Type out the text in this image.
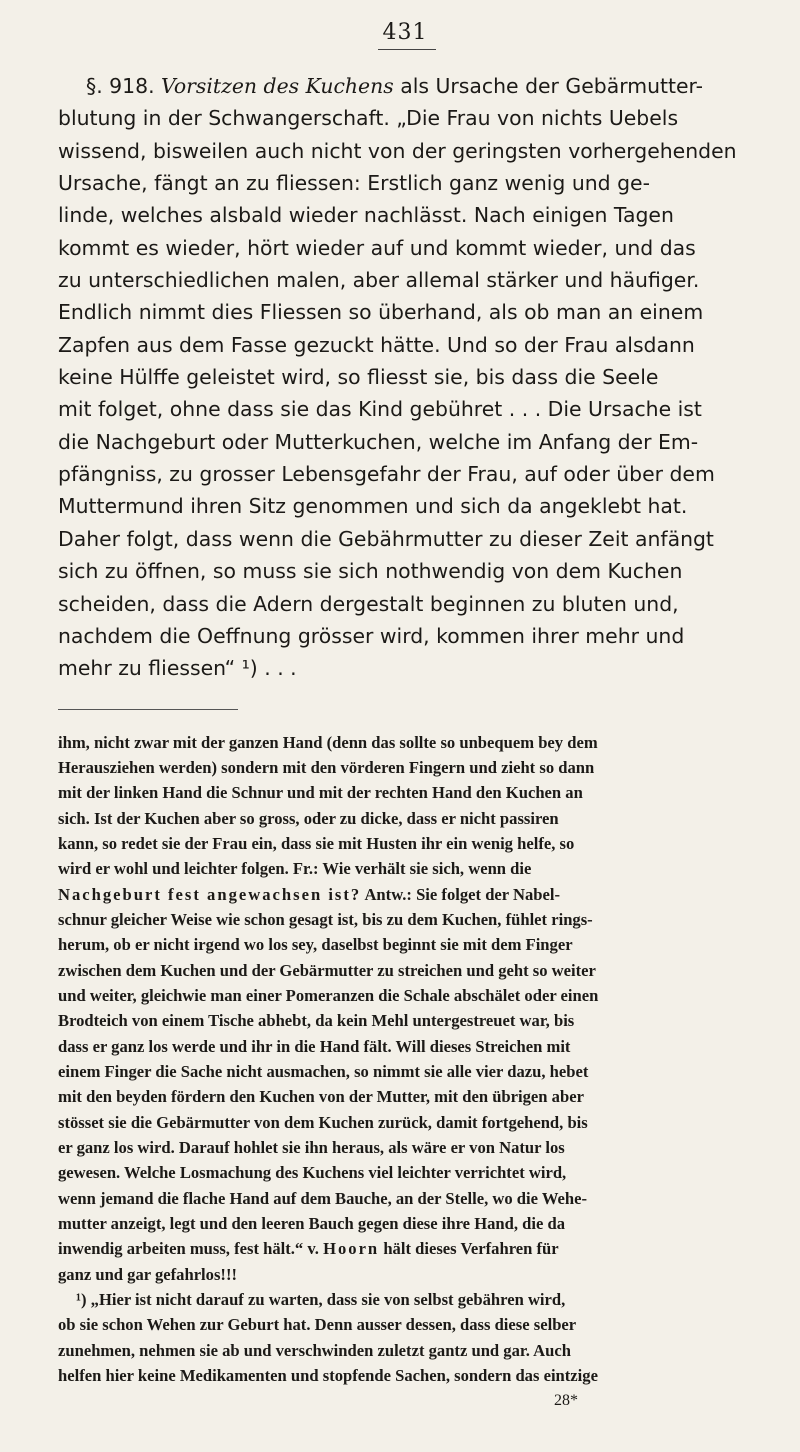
431
§. 918. Vorsitzen des Kuchens als Ursache der Gebärmutter-
blutung in der Schwangerschaft. „Die Frau von nichts Uebels
wissend, bisweilen auch nicht von der geringsten vorhergehenden
Ursache, fängt an zu fliessen: Erstlich ganz wenig und ge-
linde, welches alsbald wieder nachlässt. Nach einigen Tagen
kommt es wieder, hört wieder auf und kommt wieder, und das
zu unterschiedlichen malen, aber allemal stärker und häufiger.
Endlich nimmt dies Fliessen so überhand, als ob man an einem
Zapfen aus dem Fasse gezuckt hätte. Und so der Frau alsdann
keine Hülffe geleistet wird, so fliesst sie, bis dass die Seele
mit folget, ohne dass sie das Kind gebühret . . . Die Ursache ist
die Nachgeburt oder Mutterkuchen, welche im Anfang der Em-
pfängniss, zu grosser Lebensgefahr der Frau, auf oder über dem
Muttermund ihren Sitz genommen und sich da angeklebt hat.
Daher folgt, dass wenn die Gebährmutter zu dieser Zeit anfängt
sich zu öffnen, so muss sie sich nothwendig von dem Kuchen
scheiden, dass die Adern dergestalt beginnen zu bluten und,
nachdem die Oeffnung grösser wird, kommen ihrer mehr und
mehr zu fliessen“ ¹) . . .
ihm, nicht zwar mit der ganzen Hand (denn das sollte so unbequem bey dem
Herausziehen werden) sondern mit den vörderen Fingern und zieht so dann
mit der linken Hand die Schnur und mit der rechten Hand den Kuchen an
sich. Ist der Kuchen aber so gross, oder zu dicke, dass er nicht passiren
kann, so redet sie der Frau ein, dass sie mit Husten ihr ein wenig helfe, so
wird er wohl und leichter folgen. Fr.: Wie verhält sie sich, wenn die
Nachgeburt fest angewachsen ist? Antw.: Sie folget der Nabel-
schnur gleicher Weise wie schon gesagt ist, bis zu dem Kuchen, fühlet rings-
herum, ob er nicht irgend wo los sey, daselbst beginnt sie mit dem Finger
zwischen dem Kuchen und der Gebärmutter zu streichen und geht so weiter
und weiter, gleichwie man einer Pomeranzen die Schale abschälet oder einen
Brodteich von einem Tische abhebt, da kein Mehl untergestreuet war, bis
dass er ganz los werde und ihr in die Hand fält. Will dieses Streichen mit
einem Finger die Sache nicht ausmachen, so nimmt sie alle vier dazu, hebet
mit den beyden fördern den Kuchen von der Mutter, mit den übrigen aber
stösset sie die Gebärmutter von dem Kuchen zurück, damit fortgehend, bis
er ganz los wird. Darauf hohlet sie ihn heraus, als wäre er von Natur los
gewesen. Welche Losmachung des Kuchens viel leichter verrichtet wird,
wenn jemand die flache Hand auf dem Bauche, an der Stelle, wo die Wehe-
mutter anzeigt, legt und den leeren Bauch gegen diese ihre Hand, die da
inwendig arbeiten muss, fest hält.“ v. Hoorn hält dieses Verfahren für
ganz und gar gefahrlos!!!
¹) „Hier ist nicht darauf zu warten, dass sie von selbst gebähren wird,
ob sie schon Wehen zur Geburt hat. Denn ausser dessen, dass diese selber
zunehmen, nehmen sie ab und verschwinden zuletzt gantz und gar. Auch
helfen hier keine Medikamenten und stopfende Sachen, sondern das eintzige
28*
